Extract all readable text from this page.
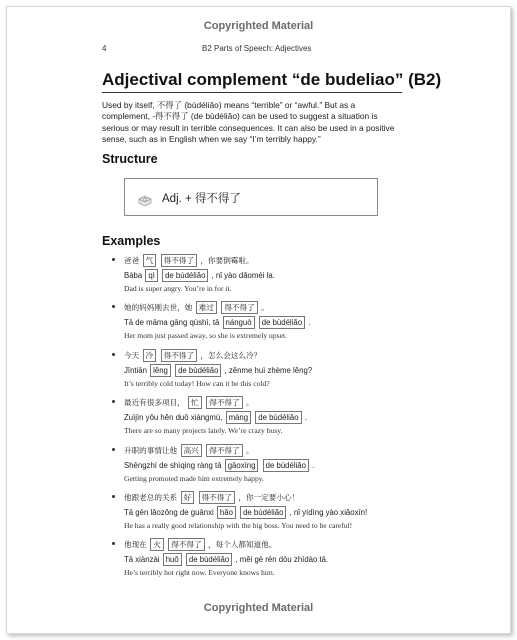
Copyrighted Material
4	B2 Parts of Speech: Adjectives
Adjectival complement “de budeliao” (B2)
Used by itself, 不得了 (bùdéliǎo) means “terrible” or “awful.” But as a complement, -得不得了 (de bùdéliǎo) can be used to suggest a situation is serious or may result in terrible consequences. It can also be used in a positive sense, such as in English when we say “I’m terribly happy.”
Structure
Adj. + 得不得了
Examples
爸爸 气 得不得了 ，你要倒霉啦。
Bàba qì de bùdéliǎo , nǐ yào dǎoméi la.
Dad is super angry. You’re in for it.
她的妈妈刚去世，她 难过 得不得了 。
Tā de māma gāng qùshì, tā nánguò de bùdéliǎo .
Her mom just passed away, so she is extremely upset.
今天 冷 得不得了 ，怎么会这么冷？
Jīntiān lěng de bùdéliǎo , zěnme huì zhème lěng?
It’s terribly cold today! How can it be this cold?
最近有很多项目， 忙 得不得了 。
Zuìjìn yǒu hěn duō xiàngmù, máng de bùdéliǎo .
There are so many projects lately. We’re crazy busy.
升职的事情让他 高兴 得不得了 。
Shēngzhí de shìqing ràng tā gāoxìng de bùdéliǎo .
Getting promoted made him extremely happy.
他跟老总的关系 好 得不得了 ，你一定要小心！
Tā gēn lǎozǒng de guānxi hǎo de bùdéliǎo , nǐ yídìng yào xiǎoxīn!
He has a really good relationship with the big boss. You need to be careful!
他现在 火 得不得了 ，每个人都知道他。
Tā xiànzài huǒ de bùdéliǎo , měi gè rén dōu zhīdào tā.
He’s terribly hot right now. Everyone knows him.
Copyrighted Material
